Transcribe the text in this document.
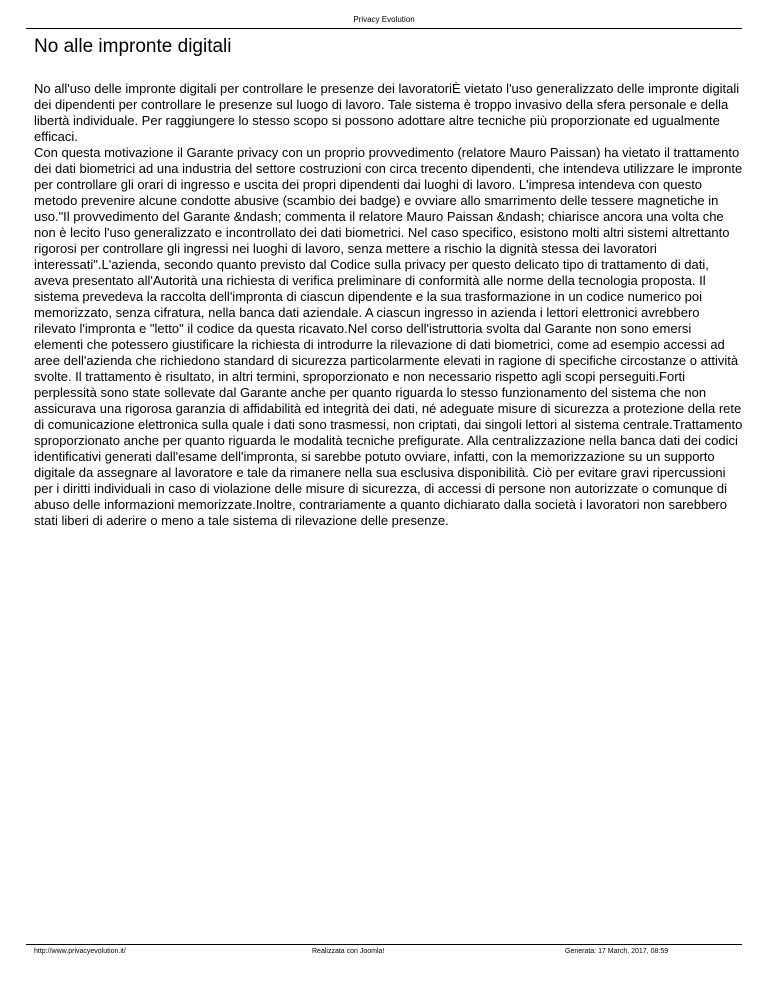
Privacy Evolution
No alle impronte digitali
No all'uso delle impronte digitali per controllare le presenze dei lavoratoriÈ vietato l'uso generalizzato delle impronte digitali dei dipendenti per controllare le presenze sul luogo di lavoro. Tale sistema è troppo invasivo della sfera personale e della libertà individuale. Per raggiungere lo stesso scopo si possono adottare altre tecniche più proporzionate ed ugualmente efficaci.
Con questa motivazione il Garante privacy con un proprio provvedimento (relatore Mauro Paissan) ha vietato il trattamento dei dati biometrici ad una industria del settore costruzioni con circa trecento dipendenti, che intendeva utilizzare le impronte per controllare gli orari di ingresso e uscita dei propri dipendenti dai luoghi di lavoro. L'impresa intendeva con questo metodo prevenire alcune condotte abusive (scambio dei badge) e ovviare allo smarrimento delle tessere magnetiche in uso."Il provvedimento del Garante &ndash; commenta il relatore Mauro Paissan &ndash; chiarisce ancora una volta che non è lecito l'uso generalizzato e incontrollato dei dati biometrici. Nel caso specifico, esistono molti altri sistemi altrettanto rigorosi per controllare gli ingressi nei luoghi di lavoro, senza mettere a rischio la dignità stessa dei lavoratori interessati".L'azienda, secondo quanto previsto dal Codice sulla privacy per questo delicato tipo di trattamento di dati, aveva presentato all'Autorità una richiesta di verifica preliminare di conformità alle norme della tecnologia proposta. Il sistema prevedeva la raccolta dell'impronta di ciascun dipendente e la sua trasformazione in un codice numerico poi memorizzato, senza cifratura, nella banca dati aziendale. A ciascun ingresso in azienda i lettori elettronici avrebbero rilevato l'impronta e "letto" il codice da questa ricavato.Nel corso dell'istruttoria svolta dal Garante non sono emersi elementi che potessero giustificare la richiesta di introdurre la rilevazione di dati biometrici, come ad esempio accessi ad aree dell'azienda che richiedono standard di sicurezza particolarmente elevati in ragione di specifiche circostanze o attività svolte. Il trattamento è risultato, in altri termini, sproporzionato e non necessario rispetto agli scopi perseguiti.Forti perplessità sono state sollevate dal Garante anche per quanto riguarda lo stesso funzionamento del sistema che non assicurava una rigorosa garanzia di affidabilità ed integrità dei dati, né adeguate misure di sicurezza a protezione della rete di comunicazione elettronica sulla quale i dati sono trasmessi, non criptati, dai singoli lettori al sistema centrale.Trattamento sproporzionato anche per quanto riguarda le modalità tecniche prefigurate. Alla centralizzazione nella banca dati dei codici identificativi generati dall'esame dell'impronta, si sarebbe potuto ovviare, infatti, con la memorizzazione su un supporto digitale da assegnare al lavoratore e tale da rimanere nella sua esclusiva disponibilità. Ciò per evitare gravi ripercussioni per i diritti individuali in caso di violazione delle misure di sicurezza, di accessi di persone non autorizzate o comunque di abuso delle informazioni memorizzate.Inoltre, contrariamente a quanto dichiarato dalla società i lavoratori non sarebbero stati liberi di aderire o meno a tale sistema di rilevazione delle presenze.
http://www.privacyevolution.it/	Realizzata con Joomla!	Generata: 17 March, 2017, 08:59
